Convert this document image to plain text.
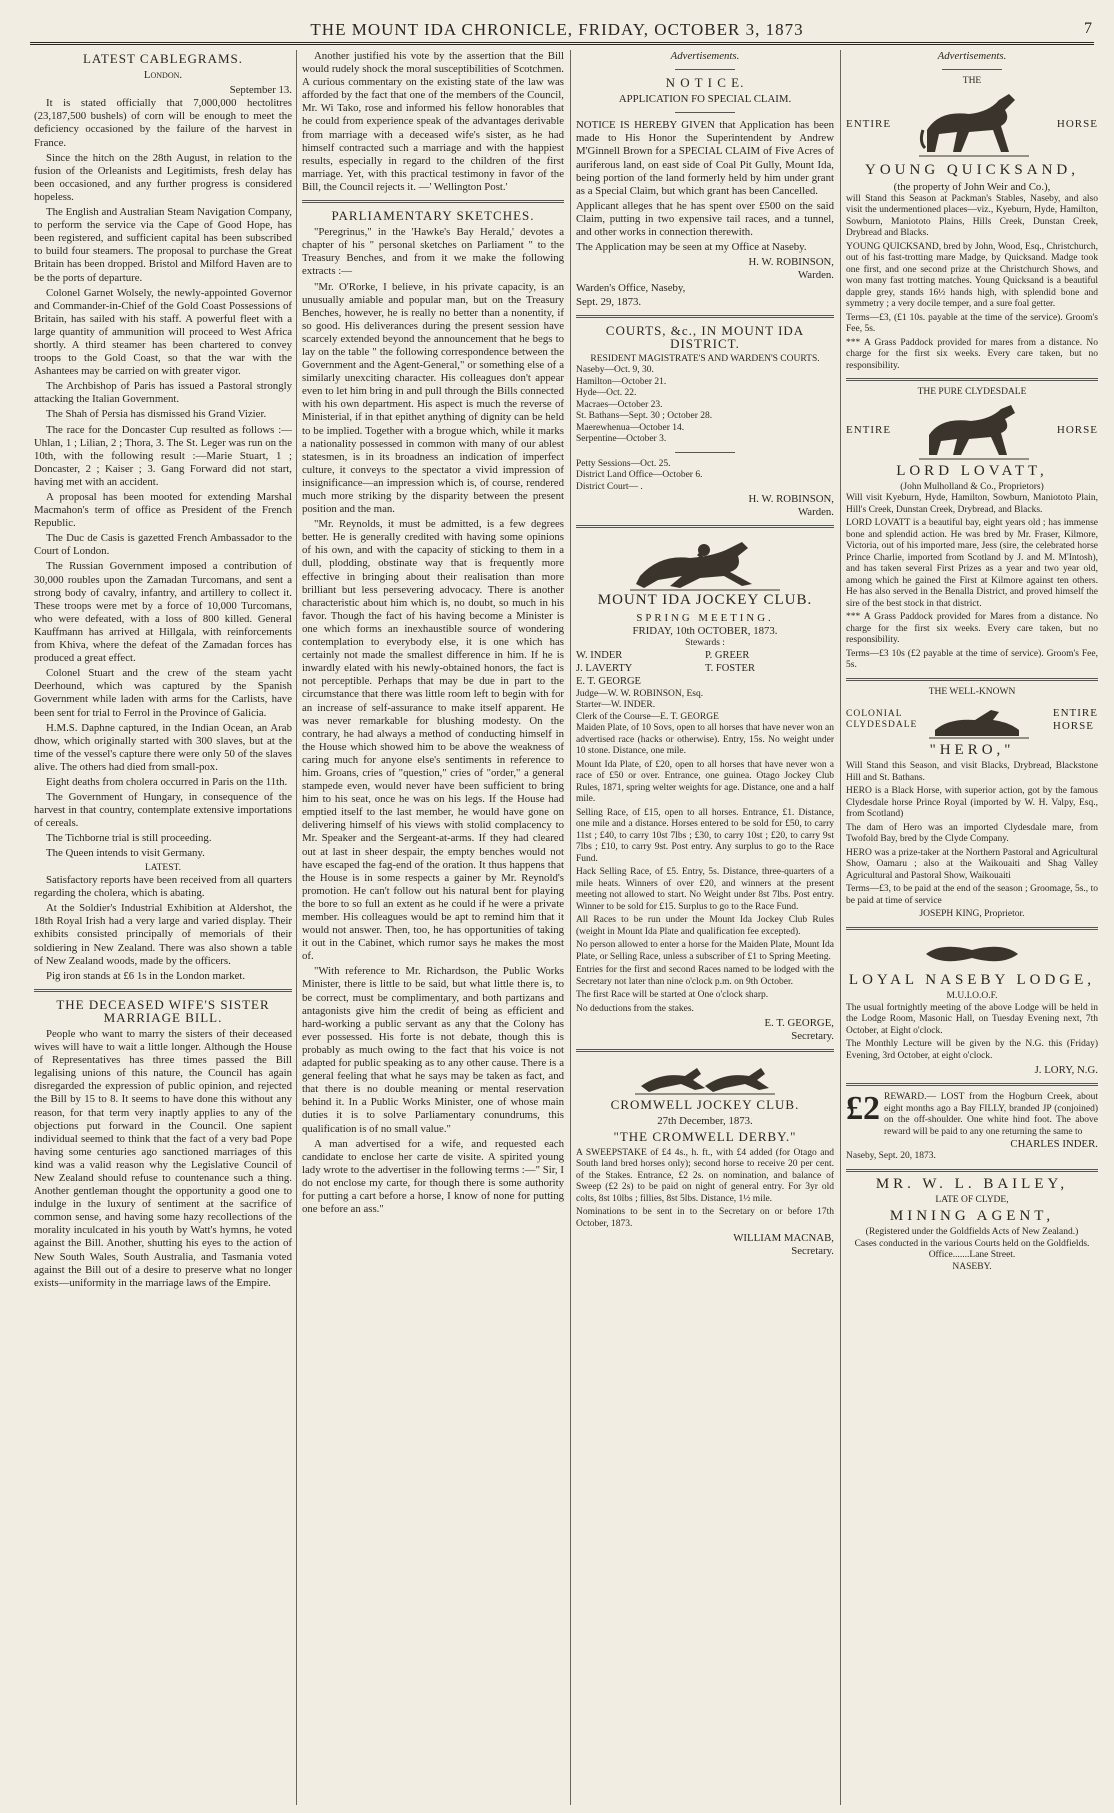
THE MOUNT IDA CHRONICLE, FRIDAY, OCTOBER 3, 1873	7
LATEST CABLEGRAMS.
London.
September 13.

It is stated officially that 7,000,000 hectolitres (23,187,500 bushels) of corn will be enough to meet the deficiency occasioned by the failure of the harvest in France.

Since the hitch on the 28th August, in relation to the fusion of the Orleanists and Legitimists, fresh delay has been occasioned, and any further progress is considered hopeless.

The English and Australian Steam Navigation Company, to perform the service via the Cape of Good Hope, has been registered, and sufficient capital has been subscribed to build four steamers. The proposal to purchase the Great Britain has been dropped. Bristol and Milford Haven are to be the ports of departure.

Colonel Garnet Wolsely, the newly-appointed Governor and Commander-in-Chief of the Gold Coast Possessions of Britain, has sailed with his staff. A powerful fleet with a large quantity of ammunition will proceed to West Africa shortly. A third steamer has been chartered to convey troops to the Gold Coast, so that the war with the Ashantees may be carried on with greater vigor.

The Archbishop of Paris has issued a Pastoral strongly attacking the Italian Government.

The Shah of Persia has dismissed his Grand Vizier.

The race for the Doncaster Cup resulted as follows :—Uhlan, 1 ; Lilian, 2 ; Thora, 3. The St. Leger was run on the 10th, with the following result :—Marie Stuart, 1 ; Doncaster, 2 ; Kaiser ; 3. Gang Forward did not start, having met with an accident.

A proposal has been mooted for extending Marshal Macmahon's term of office as President of the French Republic.

The Duc de Casis is gazetted French Ambassador to the Court of London.

The Russian Government imposed a contribution of 30,000 roubles upon the Zamadan Turcomans, and sent a strong body of cavalry, infantry, and artillery to collect it. These troops were met by a force of 10,000 Turcomans, who were defeated, with a loss of 800 killed. General Kauffmann has arrived at Hillgala, with reinforcements from Khiva, where the defeat of the Zamadan forces has produced a great effect.

Colonel Stuart and the crew of the steam yacht Deerhound, which was captured by the Spanish Government while laden with arms for the Carlists, have been sent for trial to Ferrol in the Province of Galicia.

H.M.S. Daphne captured, in the Indian Ocean, an Arab dhow, which originally started with 300 slaves, but at the time of the vessel's capture there were only 50 of the slaves alive. The others had died from small-pox.

Eight deaths from cholera occurred in Paris on the 11th.

The Government of Hungary, in consequence of the harvest in that country, contemplate extensive importations of cereals.

The Tichborne trial is still proceeding.

The Queen intends to visit Germany.

LATEST.

Satisfactory reports have been received from all quarters regarding the cholera, which is abating.

At the Soldier's Industrial Exhibition at Aldershot, the 18th Royal Irish had a very large and varied display. Their exhibits consisted principally of memorials of their soldiering in New Zealand. There was also shown a table of New Zealand woods, made by the officers.

Pig iron stands at £6 1s in the London market.

THE DECEASED WIFE'S SISTER MARRIAGE BILL.

People who want to marry the sisters of their deceased wives will have to wait a little longer. Although the House of Representatives has three times passed the Bill legalising unions of this nature, the Council has again disregarded the expression of public opinion, and rejected the Bill by 15 to 8. It seems to have done this without any reason, for that term very inaptly applies to any of the objections put forward in the Council. One sapient individual seemed to think that the fact of a very bad Pope having some centuries ago sanctioned marriages of this kind was a valid reason why the Legislative Council of New Zealand should refuse to countenance such a thing. Another gentleman thought the opportunity a good one to indulge in the luxury of sentiment at the sacrifice of common sense, and having some hazy recollections of the morality inculcated in his youth by Watt's hymns, he voted against the Bill. Another, shutting his eyes to the action of New South Wales, South Australia, and Tasmania voted against the Bill out of a desire to preserve what no longer exists—uniformity in the marriage laws of the Empire.

Another justified his vote by the assertion that the Bill would rudely shock the moral susceptibilities of Scotchmen. A curious commentary on the existing state of the law was afforded by the fact that one of the members of the Council, Mr. Wi Tako, rose and informed his fellow honorables that he could from experience speak of the advantages derivable from marriage with a deceased wife's sister, as he had himself contracted such a marriage and with the happiest results, especially in regard to the children of the first marriage. Yet, with this practical testimony in favor of the Bill, the Council rejects it. —' Wellington Post.'

PARLIAMENTARY SKETCHES.

"Peregrinus," in the 'Hawke's Bay Herald,' devotes a chapter of his " personal sketches on Parliament " to the Treasury Benches, and from it we make the following extracts :—

"Mr. O'Rorke, I believe, in his private capacity, is an unusually amiable and popular man, but on the Treasury Benches, however, he is really no better than a nonentity, if so good. His deliverances during the present session have scarcely extended beyond the announcement that he begs to lay on the table " the following correspondence between the Government and the Agent-General," or something else of a similarly unexciting character. His colleagues don't appear even to let him bring in and pull through the Bills connected with his own department. His aspect is much the reverse of Ministerial, if in that epithet anything of dignity can be held to be implied. Together with a brogue which, while it marks a nationality possessed in common with many of our ablest statesmen, is in its broadness an indication of imperfect culture, it conveys to the spectator a vivid impression of insignificance—an impression which is, of course, rendered much more striking by the disparity between the present position and the man.

"Mr. Reynolds, it must be admitted, is a few degrees better. He is generally credited with having some opinions of his own, and with the capacity of sticking to them in a dull, plodding, obstinate way that is frequently more effective in bringing about their realisation than more brilliant but less persevering advocacy. There is another characteristic about him which is, no doubt, so much in his favor. Though the fact of his having become a Minister is one which forms an inexhaustible source of wondering contemplation to everybody else, it is one which has certainly not made the smallest difference in him. If he is inwardly elated with his newly-obtained honors, the fact is not perceptible. Perhaps that may be due in part to the circumstance that there was little room left to begin with for an increase of self-assurance to make itself apparent. He was never remarkable for blushing modesty. On the contrary, he had always a method of conducting himself in the House which showed him to be above the weakness of caring much for anyone else's sentiments in reference to him. Groans, cries of "question," cries of "order," a general stampede even, would never have been sufficient to bring him to his seat, once he was on his legs. If the House had emptied itself to the last member, he would have gone on delivering himself of his views with stolid complacency to Mr. Speaker and the Sergeant-at-arms. If they had cleared out at last in sheer despair, the empty benches would not have escaped the fag-end of the oration. It thus happens that the House is in some respects a gainer by Mr. Reynold's promotion. He can't follow out his natural bent for playing the bore to so full an extent as he could if he were a private member. His colleagues would be apt to remind him that it would not answer. Then, too, he has opportunities of taking it out in the Cabinet, which rumor says he makes the most of.

"With reference to Mr. Richardson, the Public Works Minister, there is little to be said, but what little there is, to be correct, must be complimentary, and both partizans and antagonists give him the credit of being as efficient and hard-working a public servant as any that the Colony has ever possessed. His forte is not debate, though this is probably as much owing to the fact that his voice is not adapted for public speaking as to any other cause. There is a general feeling that what he says may be taken as fact, and that there is no double meaning or mental reservation behind it. In a Public Works Minister, one of whose main duties it is to solve Parliamentary conundrums, this qualification is of no small value."

A man advertised for a wife, and requested each candidate to enclose her carte de visite. A spirited young lady wrote to the advertiser in the following terms :—" Sir, I do not enclose my carte, for though there is some authority for putting a cart before a horse, I know of none for putting one before an ass."

Advertisements.
N O T I C E.
APPLICATION FO SPECIAL CLAIM.

NOTICE IS HEREBY GIVEN that Application has been made to His Honor the Superintendent by Andrew M'Ginnell Brown for a SPECIAL CLAIM of Five Acres of auriferous land, on east side of Coal Pit Gully, Mount Ida, being portion of the land formerly held by him under grant as a Special Claim, but which grant has been Cancelled.

Applicant alleges that he has spent over £500 on the said Claim, putting in two expensive tail races, and a tunnel, and other works in connection therewith.

The Application may be seen at my Office at Naseby.

H. W. ROBINSON,
Warden.
Warden's Office, Naseby,
Sept. 29, 1873.
COURTS, &c., IN MOUNT IDA DISTRICT.
RESIDENT MAGISTRATE'S AND WARDEN'S COURTS.
Naseby—Oct. 9, 30.
Hamilton—October 21.
Hyde—Oct. 22.
Macraes—October 23.
St. Bathans—Sept. 30 ; October 28.
Maerewhenua—October 14.
Serpentine—October 3.
Petty Sessions—Oct. 25.
District Land Office—October 6.
District Court— .
H. W. ROBINSON,
Warden.
MOUNT IDA JOCKEY CLUB.
SPRING MEETING.
FRIDAY, 10th OCTOBER, 1873.
Stewards :
W. INDER	P. GREER
J. LAVERTY	T. FOSTER
E. T. GEORGE
Judge—W. W. ROBINSON, Esq.
Starter—W. INDER.
Clerk of the Course—E. T. GEORGE

Maiden Plate, of 10 Sovs, open to all horses that have never won an advertised race (hacks or otherwise). Entry, 15s. No weight under 10 stone. Distance, one mile.

Mount Ida Plate, of £20, open to all horses that have never won a race of £50 or over. Entrance, one guinea. Otago Jockey Club Rules, 1871, spring welter weights for age. Distance, one and a half mile.

Selling Race, of £15, open to all horses. Entrance, £1. Distance, one mile and a distance. Horses entered to be sold for £50, to carry 11st ; £40, to carry 10st 7lbs ; £30, to carry 10st ; £20, to carry 9st 7lbs ; £10, to carry 9st. Post entry. Any surplus to go to the Race Fund.

Hack Selling Race, of £5. Entry, 5s. Distance, three-quarters of a mile heats. Winners of over £20, and winners at the present meeting not allowed to start. No Weight under 8st 7lbs. Post entry. Winner to be sold for £15. Surplus to go to the Race Fund.

All Races to be run under the Mount Ida Jockey Club Rules (weight in Mount Ida Plate and qualification fee excepted).

No person allowed to enter a horse for the Maiden Plate, Mount Ida Plate, or Selling Race, unless a subscriber of £1 to Spring Meeting.

Entries for the first and second Races named to be lodged with the Secretary not later than nine o'clock p.m. on 9th October.

The first Race will be started at One o'clock sharp.

No deductions from the stakes.

E. T. GEORGE,
Secretary.
CROMWELL JOCKEY CLUB.
27th December, 1873.
"THE CROMWELL DERBY."

A SWEEPSTAKE of £4 4s., h. ft., with £4 added (for Otago and South land bred horses only); second horse to receive 20 per cent. of the Stakes. Entrance, £2 2s. on nomination, and balance of Sweep (£2 2s) to be paid on night of general entry. For 3yr old colts, 8st 10lbs ; fillies, 8st 5lbs. Distance, 1½ mile.

Nominations to be sent in to the Secretary on or before 17th October, 1873.

WILLIAM MACNAB,
Secretary.
Advertisements.
THE
ENTIRE	HORSE
YOUNG QUICKSAND,
(the property of John Weir and Co.),

will Stand this Season at Packman's Stables, Naseby, and also visit the undermentioned places—viz., Kyeburn, Hyde, Hamilton, Sowburn, Maniototo Plains, Hills Creek, Dunstan Creek, Drybread and Blacks.

YOUNG QUICKSAND, bred by John, Wood, Esq., Christchurch, out of his fast-trotting mare Madge, by Quicksand. Madge took one first, and one second prize at the Christchurch Shows, and won many fast trotting matches. Young Quicksand is a beautiful dapple grey, stands 16½ hands high, with splendid bone and symmetry ; a very docile temper, and a sure foal getter.

Terms—£3, (£1 10s. payable at the time of the service). Groom's Fee, 5s.

*** A Grass Paddock provided for mares from a distance. No charge for the first six weeks. Every care taken, but no responsibility.

THE PURE CLYDESDALE
ENTIRE	HORSE
LORD LOVATT,
(John Mulholland & Co., Proprietors)

Will visit Kyeburn, Hyde, Hamilton, Sowburn, Maniototo Plain, Hill's Creek, Dunstan Creek, Drybread, and Blacks.

LORD LOVATT is a beautiful bay, eight years old ; has immense bone and splendid action. He was bred by Mr. Fraser, Kilmore, Victoria, out of his imported mare, Jess (sire, the celebrated horse Prince Charlie, imported from Scotland by J. and M. M'Intosh), and has taken several First Prizes as a year and two year old, among which he gained the First at Kilmore against ten others. He has also served in the Benalla District, and proved himself the sire of the best stock in that district.

*** A Grass Paddock provided for Mares from a distance. No charge for the first six weeks. Every care taken, but no responsibility.

Terms—£3 10s (£2 payable at the time of service). Groom's Fee, 5s.

THE WELL-KNOWN
COLONIAL CLYDESDALE
ENTIRE
HORSE
"HERO,"

Will Stand this Season, and visit Blacks, Drybread, Blackstone Hill and St. Bathans.

HERO is a Black Horse, with superior action, got by the famous Clydesdale horse Prince Royal (imported by W. H. Valpy, Esq., from Scotland)

The dam of Hero was an imported Clydesdale mare, from Twofold Bay, bred by the Clyde Company.

HERO was a prize-taker at the Northern Pastoral and Agricultural Show, Oamaru ; also at the Waikouaiti and Shag Valley Agricultural and Pastoral Show, Waikouaiti

Terms—£3, to be paid at the end of the season ; Groomage, 5s., to be paid at time of service

JOSEPH KING, Proprietor.
LOYAL NASEBY LODGE,
M.U.I.O.O.F.

The usual fortnightly meeting of the above Lodge will be held in the Lodge Room, Masonic Hall, on Tuesday Evening next, 7th October, at Eight o'clock.

The Monthly Lecture will be given by the N.G. this (Friday) Evening, 3rd October, at eight o'clock.

J. LORY, N.G.
£2 REWARD.— LOST from the Hogburn Creek, about eight months ago a Bay FILLY, branded JP (conjoined) on the off-shoulder. One white hind foot. The above reward will be paid to any one returning the same to
CHARLES INDER.
Naseby, Sept. 20, 1873.
MR. W. L. BAILEY,
LATE OF CLYDE,
MINING AGENT,
(Registered under the Goldfields Acts of New Zealand.)
Cases conducted in the various Courts held on the Goldfields.
Office.......Lane Street.
NASEBY.
